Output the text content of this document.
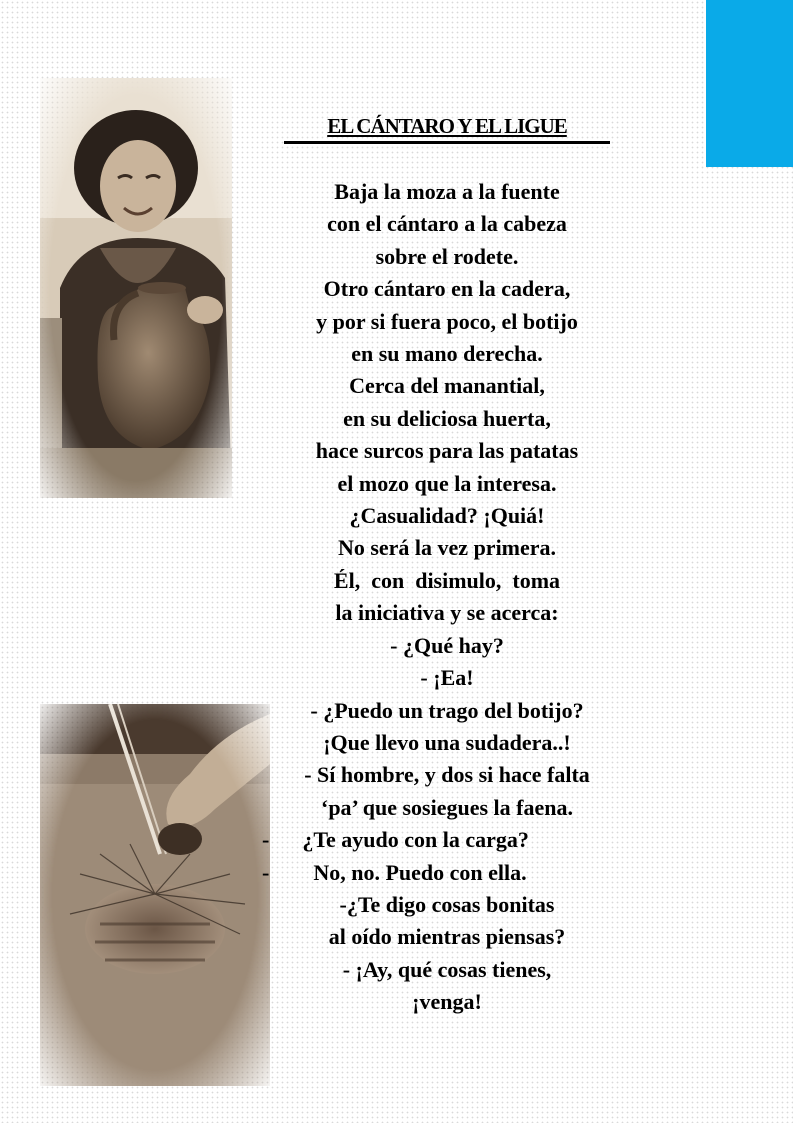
EL CÁNTARO Y EL LIGUE
Baja la moza a la fuente
con el cántaro a la cabeza
sobre el rodete.
Otro cántaro en la cadera,
y por si fuera poco, el botijo
en su mano derecha.
Cerca del manantial,
en su deliciosa huerta,
hace surcos para las patatas
el mozo que la interesa.
¿Casualidad? ¡Quiá!
No será la vez primera.
Él,  con  disimulo,  toma
la iniciativa y se acerca:
- ¿Qué hay?
- ¡Ea!
- ¿Puedo un trago del botijo?
¡Que llevo una sudadera..!
- Sí hombre, y dos si hace falta
‘pa’ que sosiegues la faena.
-      ¿Te ayudo con la carga?
-        No, no. Puedo con ella.
-¿Te digo cosas bonitas
al oído mientras piensas?
- ¡Ay, qué cosas tienes,
¡venga!
